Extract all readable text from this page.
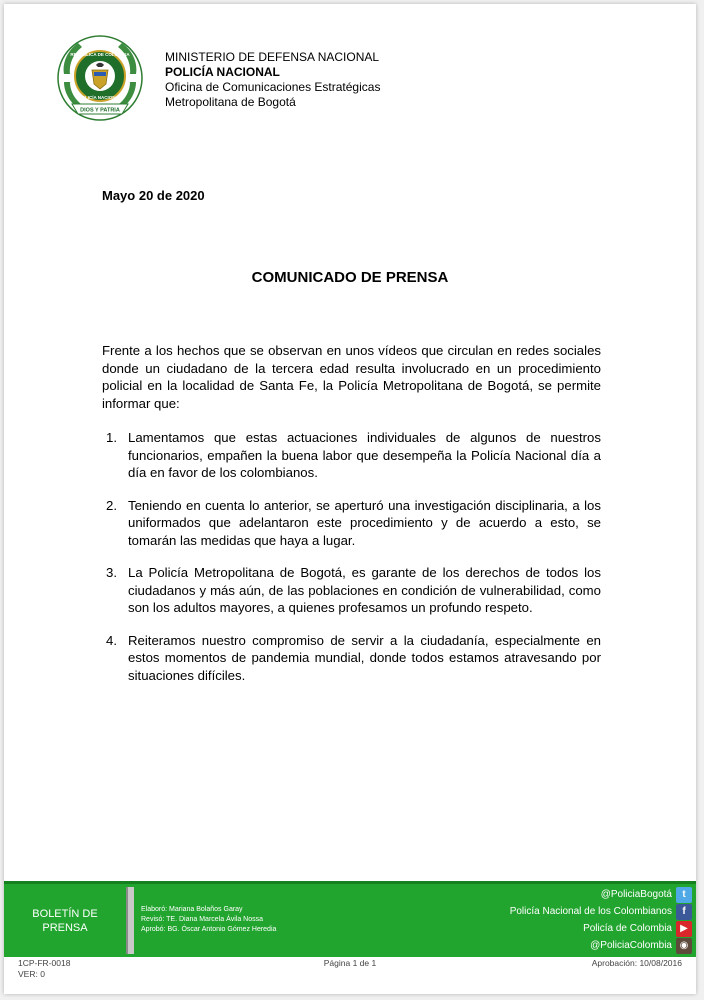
DIOS Y PATRIA
REPÚBLICA DE COLOMBIA
POLICÍA NACIONAL
MINISTERIO DE DEFENSA NACIONAL
POLICÍA NACIONAL
Oficina de Comunicaciones Estratégicas
Metropolitana de Bogotá
Mayo 20 de 2020
COMUNICADO DE PRENSA

Frente a los hechos que se observan en unos vídeos que circulan en redes sociales donde un ciudadano de la tercera edad resulta involucrado en un procedimiento policial en la localidad de Santa Fe, la Policía Metropolitana de Bogotá, se permite informar que:

1. Lamentamos que estas actuaciones individuales de algunos de nuestros funcionarios, empañen la buena labor que desempeña la Policía Nacional día a día en favor de los colombianos.
2. Teniendo en cuenta lo anterior, se aperturó una investigación disciplinaria, a los uniformados que adelantaron este procedimiento y de acuerdo a esto, se tomarán las medidas que haya a lugar.
3. La Policía Metropolitana de Bogotá, es garante de los derechos de todos los ciudadanos y más aún, de las poblaciones en condición de vulnerabilidad, como son los adultos mayores, a quienes profesamos un profundo respeto.
4. Reiteramos nuestro compromiso de servir a la ciudadanía, especialmente en estos momentos de pandemia mundial, donde todos estamos atravesando por situaciones difíciles.
BOLETÍN DE
PRENSA
Elaboró: Mariana Bolaños Garay
Revisó: TE. Diana Marcela Ávila Nossa
Aprobó: BG. Óscar Antonio Gómez Heredia
@PoliciaBogotá	t
Policía Nacional de los Colombianos	f
Policía de Colombia ▶
@PoliciaColombia ◉
1CP-FR-0018
VER: 0
Página 1 de 1	Aprobación: 10/08/2016
